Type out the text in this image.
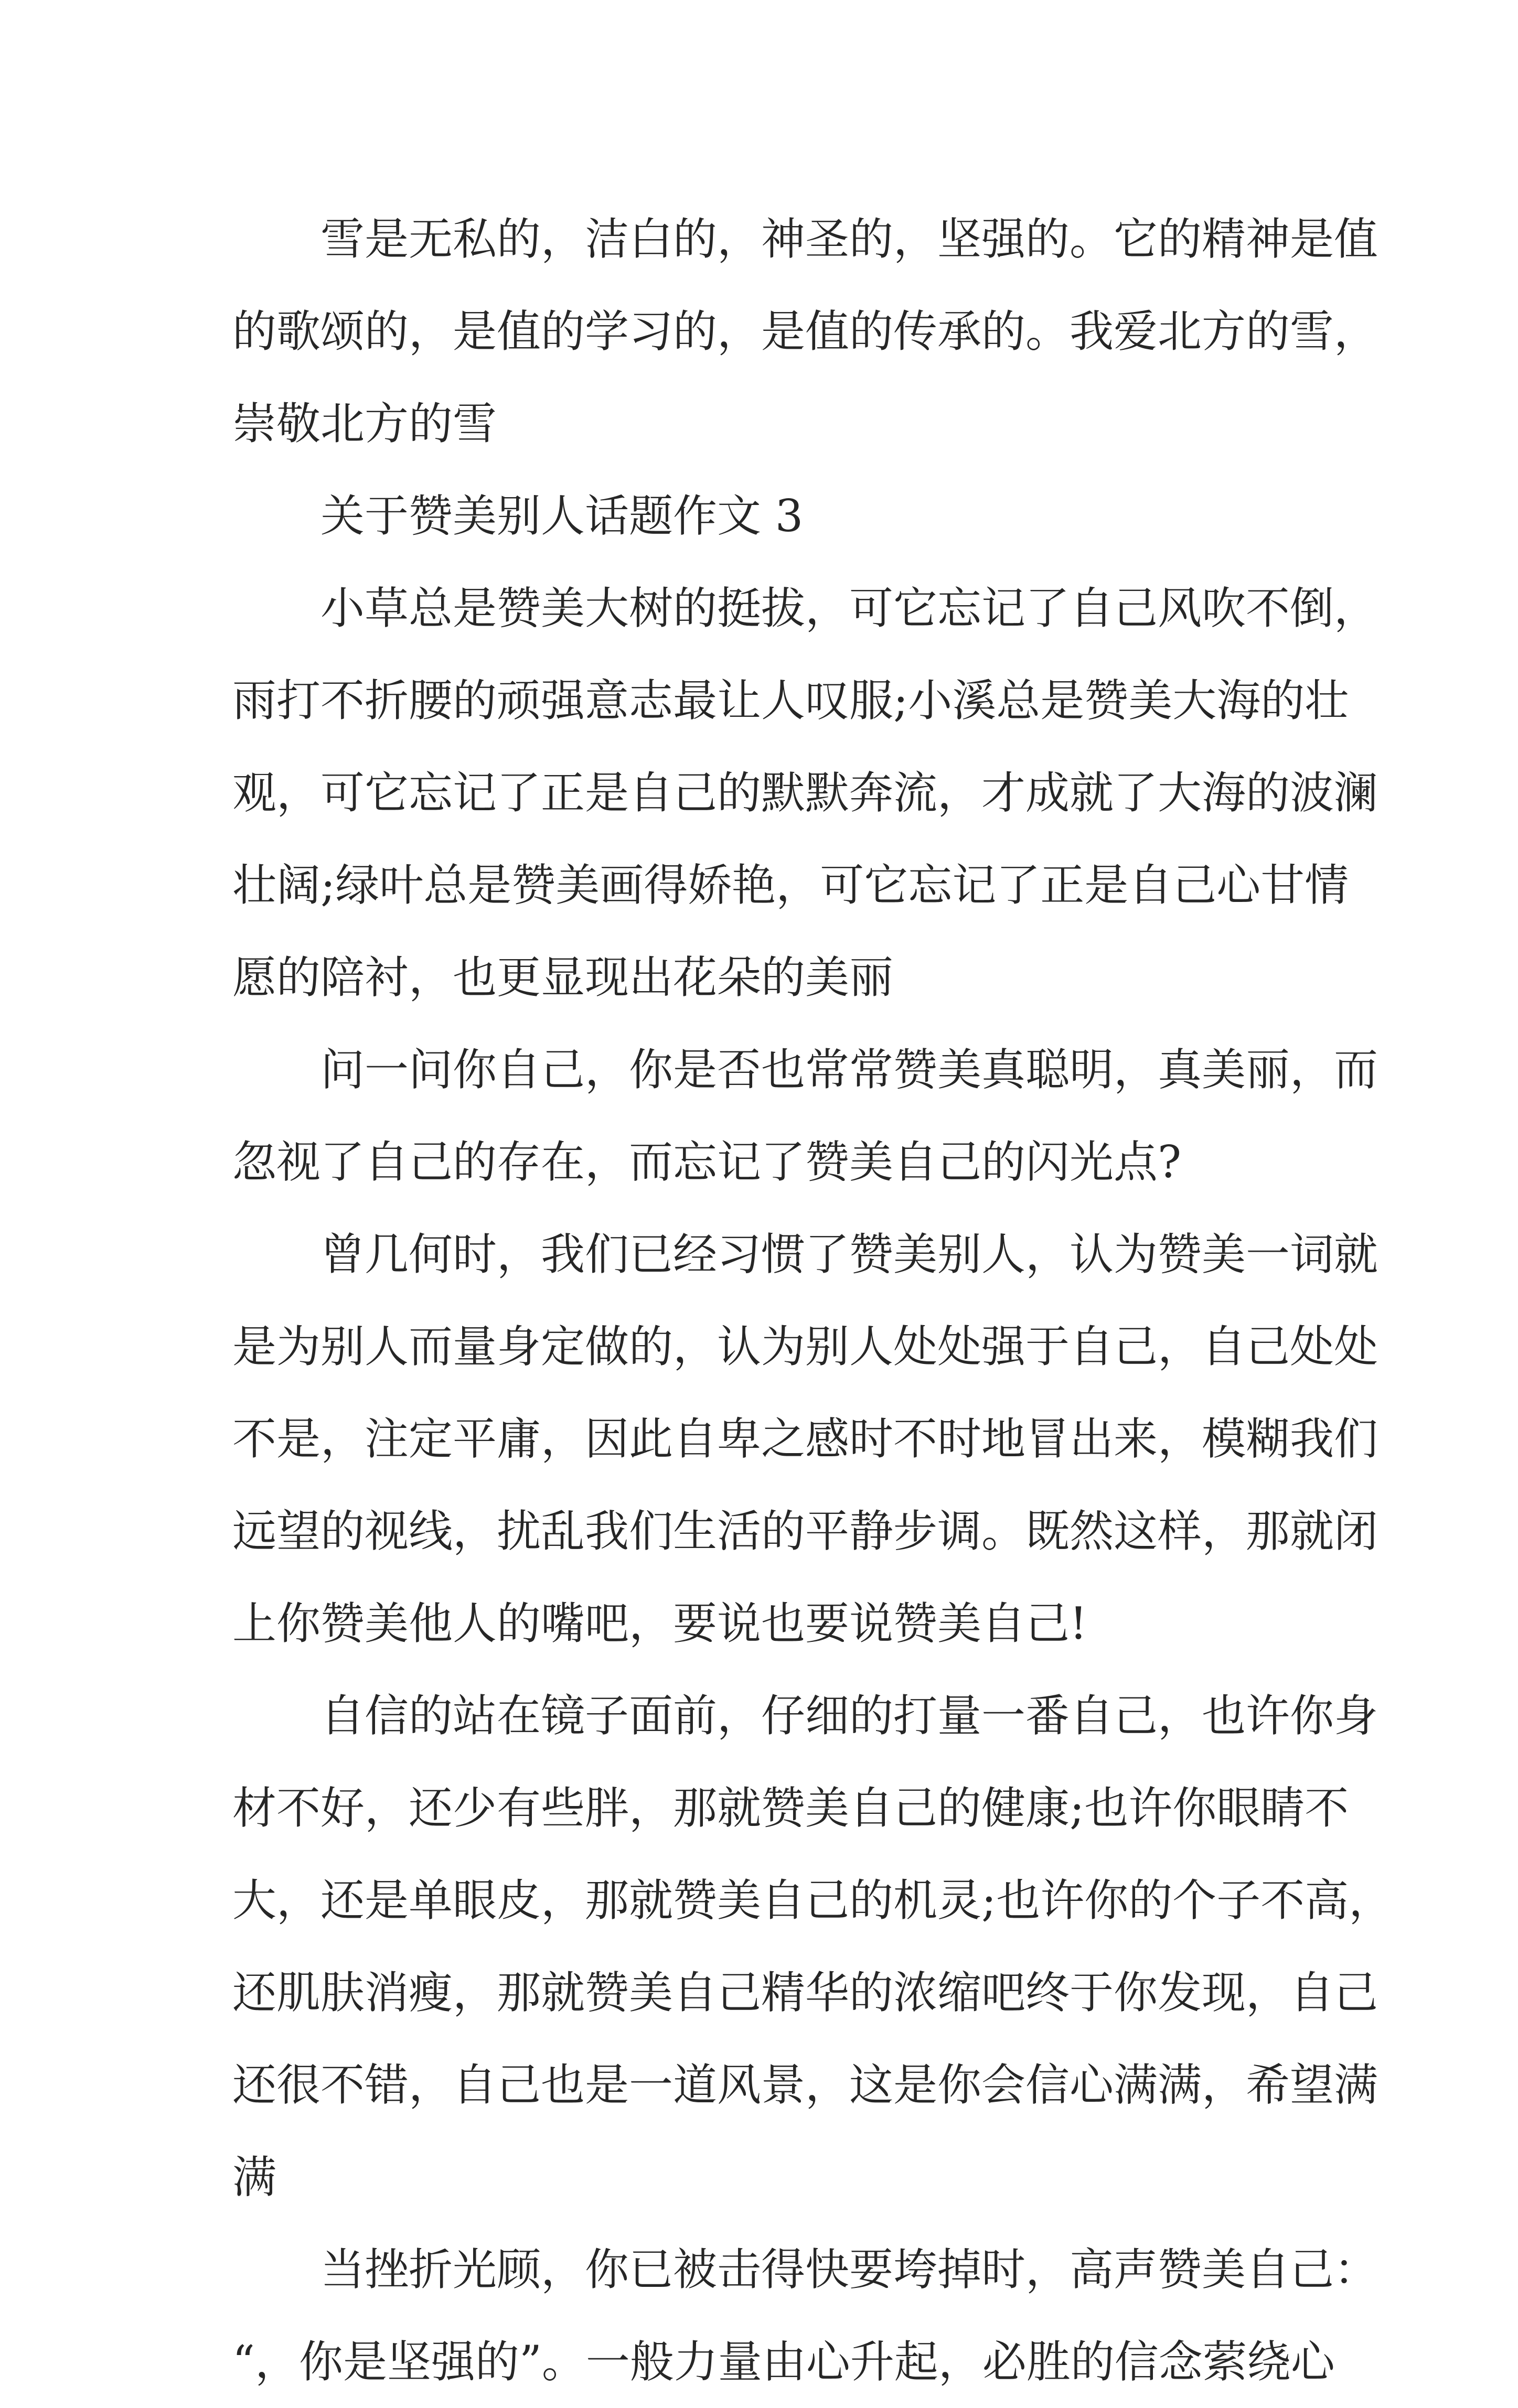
雪是无私的，洁白的，神圣的，坚强的。它的精神是值
的歌颂的，是值的学习的，是值的传承的。我爱北方的雪，
崇敬北方的雪
关于赞美别人话题作文 3
小草总是赞美大树的挺拔，可它忘记了自己风吹不倒，
雨打不折腰的顽强意志最让人叹服;小溪总是赞美大海的壮
观，可它忘记了正是自己的默默奔流，才成就了大海的波澜
壮阔;绿叶总是赞美画得娇艳，可它忘记了正是自己心甘情
愿的陪衬，也更显现出花朵的美丽
问一问你自己，你是否也常常赞美真聪明，真美丽，而
忽视了自己的存在，而忘记了赞美自己的闪光点?
曾几何时，我们已经习惯了赞美别人，认为赞美一词就
是为别人而量身定做的，认为别人处处强于自己，自己处处
不是，注定平庸，因此自卑之感时不时地冒出来，模糊我们
远望的视线，扰乱我们生活的平静步调。既然这样，那就闭
上你赞美他人的嘴吧，要说也要说赞美自己!
自信的站在镜子面前，仔细的打量一番自己，也许你身
材不好，还少有些胖，那就赞美自己的健康;也许你眼睛不
大，还是单眼皮，那就赞美自己的机灵;也许你的个子不高，
还肌肤消瘦，那就赞美自己精华的浓缩吧终于你发现，自己
还很不错，自己也是一道风景，这是你会信心满满，希望满
满
当挫折光顾，你已被击得快要垮掉时，高声赞美自己：
“，你是坚强的”。一般力量由心升起，必胜的信念萦绕心
